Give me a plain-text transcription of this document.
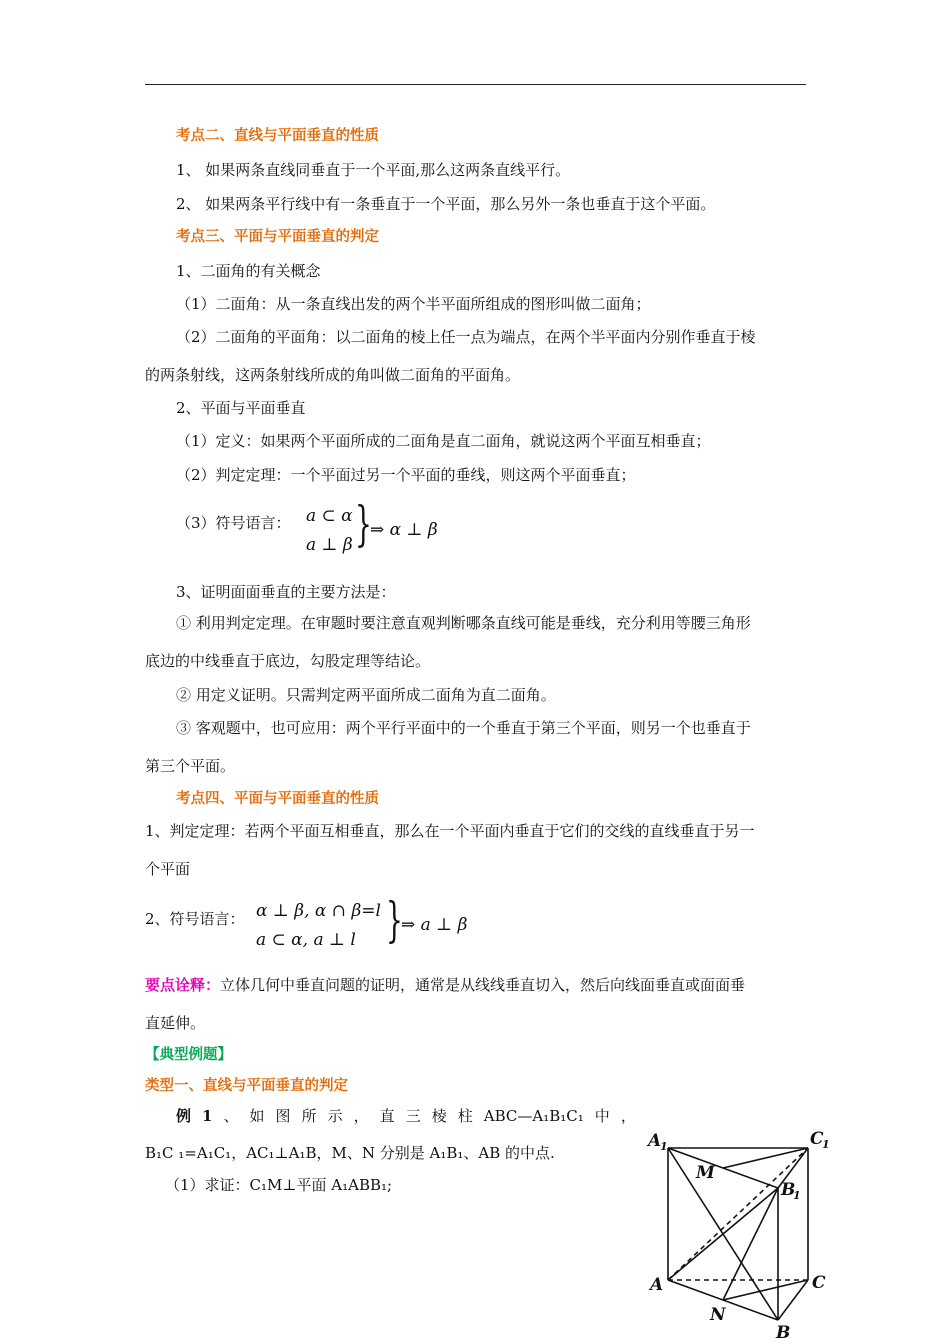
考点二、直线与平面垂直的性质
1、 如果两条直线同垂直于一个平面,那么这两条直线平行。
2、 如果两条平行线中有一条垂直于一个平面，那么另外一条也垂直于这个平面。
考点三、平面与平面垂直的判定
1、二面角的有关概念
（1）二面角：从一条直线出发的两个半平面所组成的图形叫做二面角；
（2）二面角的平面角：以二面角的棱上任一点为端点，在两个半平面内分别作垂直于棱
的两条射线，这两条射线所成的角叫做二面角的平面角。
2、平面与平面垂直
（1）定义：如果两个平面所成的二面角是直二面角，就说这两个平面互相垂直；
（2）判定定理：一个平面过另一个平面的垂线，则这两个平面垂直；
（3）符号语言： a ⊂ α
a ⊥ β }
⇒ α ⊥ β
3、证明面面垂直的主要方法是：
① 利用判定定理。在审题时要注意直观判断哪条直线可能是垂线，充分利用等腰三角形
底边的中线垂直于底边，勾股定理等结论。
② 用定义证明。只需判定两平面所成二面角为直二面角。
③ 客观题中，也可应用：两个平行平面中的一个垂直于第三个平面，则另一个也垂直于
第三个平面。
考点四、平面与平面垂直的性质
1、判定定理：若两个平面互相垂直，那么在一个平面内垂直于它们的交线的直线垂直于另一
个平面
2、符号语言： α ⊥ β, α ∩ β=l
a ⊂ α, a ⊥ l }
⇒ a ⊥ β
要点诠释：立体几何中垂直问题的证明，通常是从线线垂直切入，然后向线面垂直或面面垂
直延伸。
【典型例题】
类型一、直线与平面垂直的判定
例 1 、 如 图 所 示 ， 直 三 棱 柱 ABC—A₁B₁C₁ 中 ，
B₁C ₁=A₁C₁，AC₁⊥A₁B，M、N 分别是 A₁B₁、AB 的中点.
（1）求证：C₁M⊥平面 A₁ABB₁;
A
1	C
1
B
1
M
A	C
N
B
